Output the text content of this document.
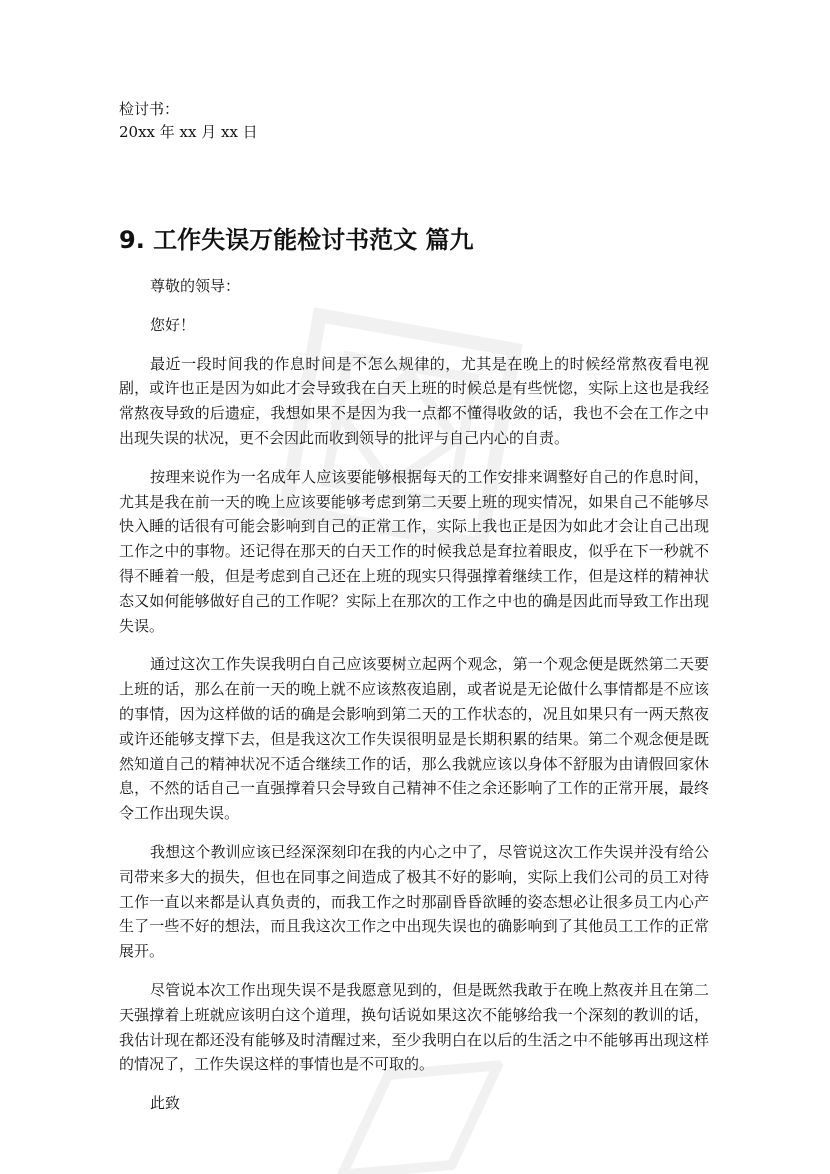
检讨书：
20xx 年 xx 月 xx 日
9. 工作失误万能检讨书范文 篇九

尊敬的领导：

您好！

最近一段时间我的作息时间是不怎么规律的，尤其是在晚上的时候经常熬夜看电视剧，或许也正是因为如此才会导致我在白天上班的时候总是有些恍惚，实际上这也是我经常熬夜导致的后遗症，我想如果不是因为我一点都不懂得收敛的话，我也不会在工作之中出现失误的状况，更不会因此而收到领导的批评与自己内心的自责。

按理来说作为一名成年人应该要能够根据每天的工作安排来调整好自己的作息时间，尤其是我在前一天的晚上应该要能够考虑到第二天要上班的现实情况，如果自己不能够尽快入睡的话很有可能会影响到自己的正常工作，实际上我也正是因为如此才会让自己出现工作之中的事物。还记得在那天的白天工作的时候我总是耷拉着眼皮，似乎在下一秒就不得不睡着一般，但是考虑到自己还在上班的现实只得强撑着继续工作，但是这样的精神状态又如何能够做好自己的工作呢？实际上在那次的工作之中也的确是因此而导致工作出现失误。

通过这次工作失误我明白自己应该要树立起两个观念，第一个观念便是既然第二天要上班的话，那么在前一天的晚上就不应该熬夜追剧，或者说是无论做什么事情都是不应该的事情，因为这样做的话的确是会影响到第二天的工作状态的，况且如果只有一两天熬夜或许还能够支撑下去，但是我这次工作失误很明显是长期积累的结果。第二个观念便是既然知道自己的精神状况不适合继续工作的话，那么我就应该以身体不舒服为由请假回家休息，不然的话自己一直强撑着只会导致自己精神不佳之余还影响了工作的正常开展，最终令工作出现失误。

我想这个教训应该已经深深刻印在我的内心之中了，尽管说这次工作失误并没有给公司带来多大的损失，但也在同事之间造成了极其不好的影响，实际上我们公司的员工对待工作一直以来都是认真负责的，而我工作之时那副昏昏欲睡的姿态想必让很多员工内心产生了一些不好的想法，而且我这次工作之中出现失误也的确影响到了其他员工工作的正常展开。

尽管说本次工作出现失误不是我愿意见到的，但是既然我敢于在晚上熬夜并且在第二天强撑着上班就应该明白这个道理，换句话说如果这次不能够给我一个深刻的教训的话，我估计现在都还没有能够及时清醒过来，至少我明白在以后的生活之中不能够再出现这样的情况了，工作失误这样的事情也是不可取的。

此致
